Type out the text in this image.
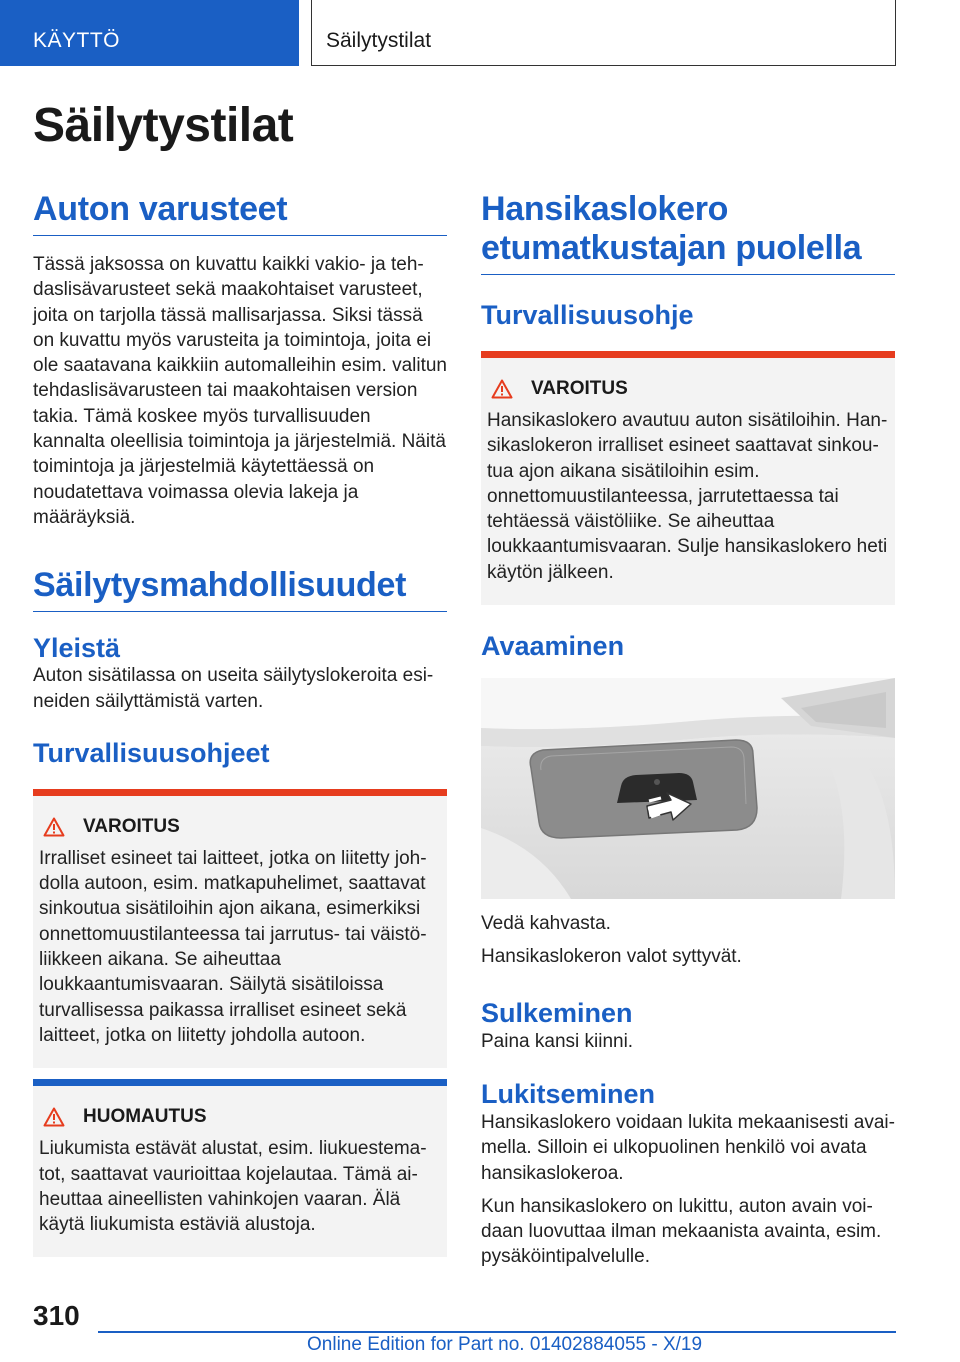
KÄYTTÖ	Säilytystilat
Säilytystilat
Auton varusteet

Tässä jaksossa on kuvattu kaikki vakio- ja tehdaslisävarusteet sekä maakohtaiset varusteet, joita on tarjolla tässä mallisarjassa. Siksi tässä on kuvattu myös varusteita ja toimintoja, joita ei ole saatavana kaikkiin automalleihin esim. valitun tehdaslisävarusteen tai maakohtaisen version takia. Tämä koskee myös turvallisuuden kannalta oleellisia toimintoja ja järjestelmiä. Näitä toimintoja ja järjestelmiä käytettäessä on noudatettava voimassa olevia lakeja ja määräyksiä.

Säilytysmahdollisuudet
Yleistä

Auton sisätilassa on useita säilytyslokeroita esineiden säilyttämistä varten.

Turvallisuusohjeet
VAROITUS

Irralliset esineet tai laitteet, jotka on liitetty johdolla autoon, esim. matkapuhelimet, saattavat sinkoutua sisätiloihin ajon aikana, esimerkiksi onnettomuustilanteessa tai jarrutus- tai väistöliikkeen aikana. Se aiheuttaa loukkaantumisvaaran. Säilytä sisätiloissa turvallisessa paikassa irralliset esineet sekä laitteet, jotka on liitetty johdolla autoon.

HUOMAUTUS

Liukumista estävät alustat, esim. liukuestematot, saattavat vaurioittaa kojelautaa. Tämä aiheuttaa aineellisten vahinkojen vaaran. Älä käytä liukumista estäviä alustoja.

Hansikaslokero etumatkustajan puolella
Turvallisuusohje
VAROITUS

Hansikaslokero avautuu auton sisätiloihin. Hansikaslokeron irralliset esineet saattavat sinkoutua ajon aikana sisätiloihin esim. onnettomuustilanteessa, jarrutettaessa tai tehtäessä väistöliike. Se aiheuttaa loukkaantumisvaaran. Sulje hansikaslokero heti käytön jälkeen.

Avaaminen

Vedä kahvasta.

Hansikaslokeron valot syttyvät.

Sulkeminen

Paina kansi kiinni.

Lukitseminen

Hansikaslokero voidaan lukita mekaanisesti avaimella. Silloin ei ulkopuolinen henkilö voi avata hansikaslokeroa.

Kun hansikaslokero on lukittu, auton avain voidaan luovuttaa ilman mekaanista avainta, esim. pysäköintipalvelulle.

310
Online Edition for Part no. 01402884055 - X/19
